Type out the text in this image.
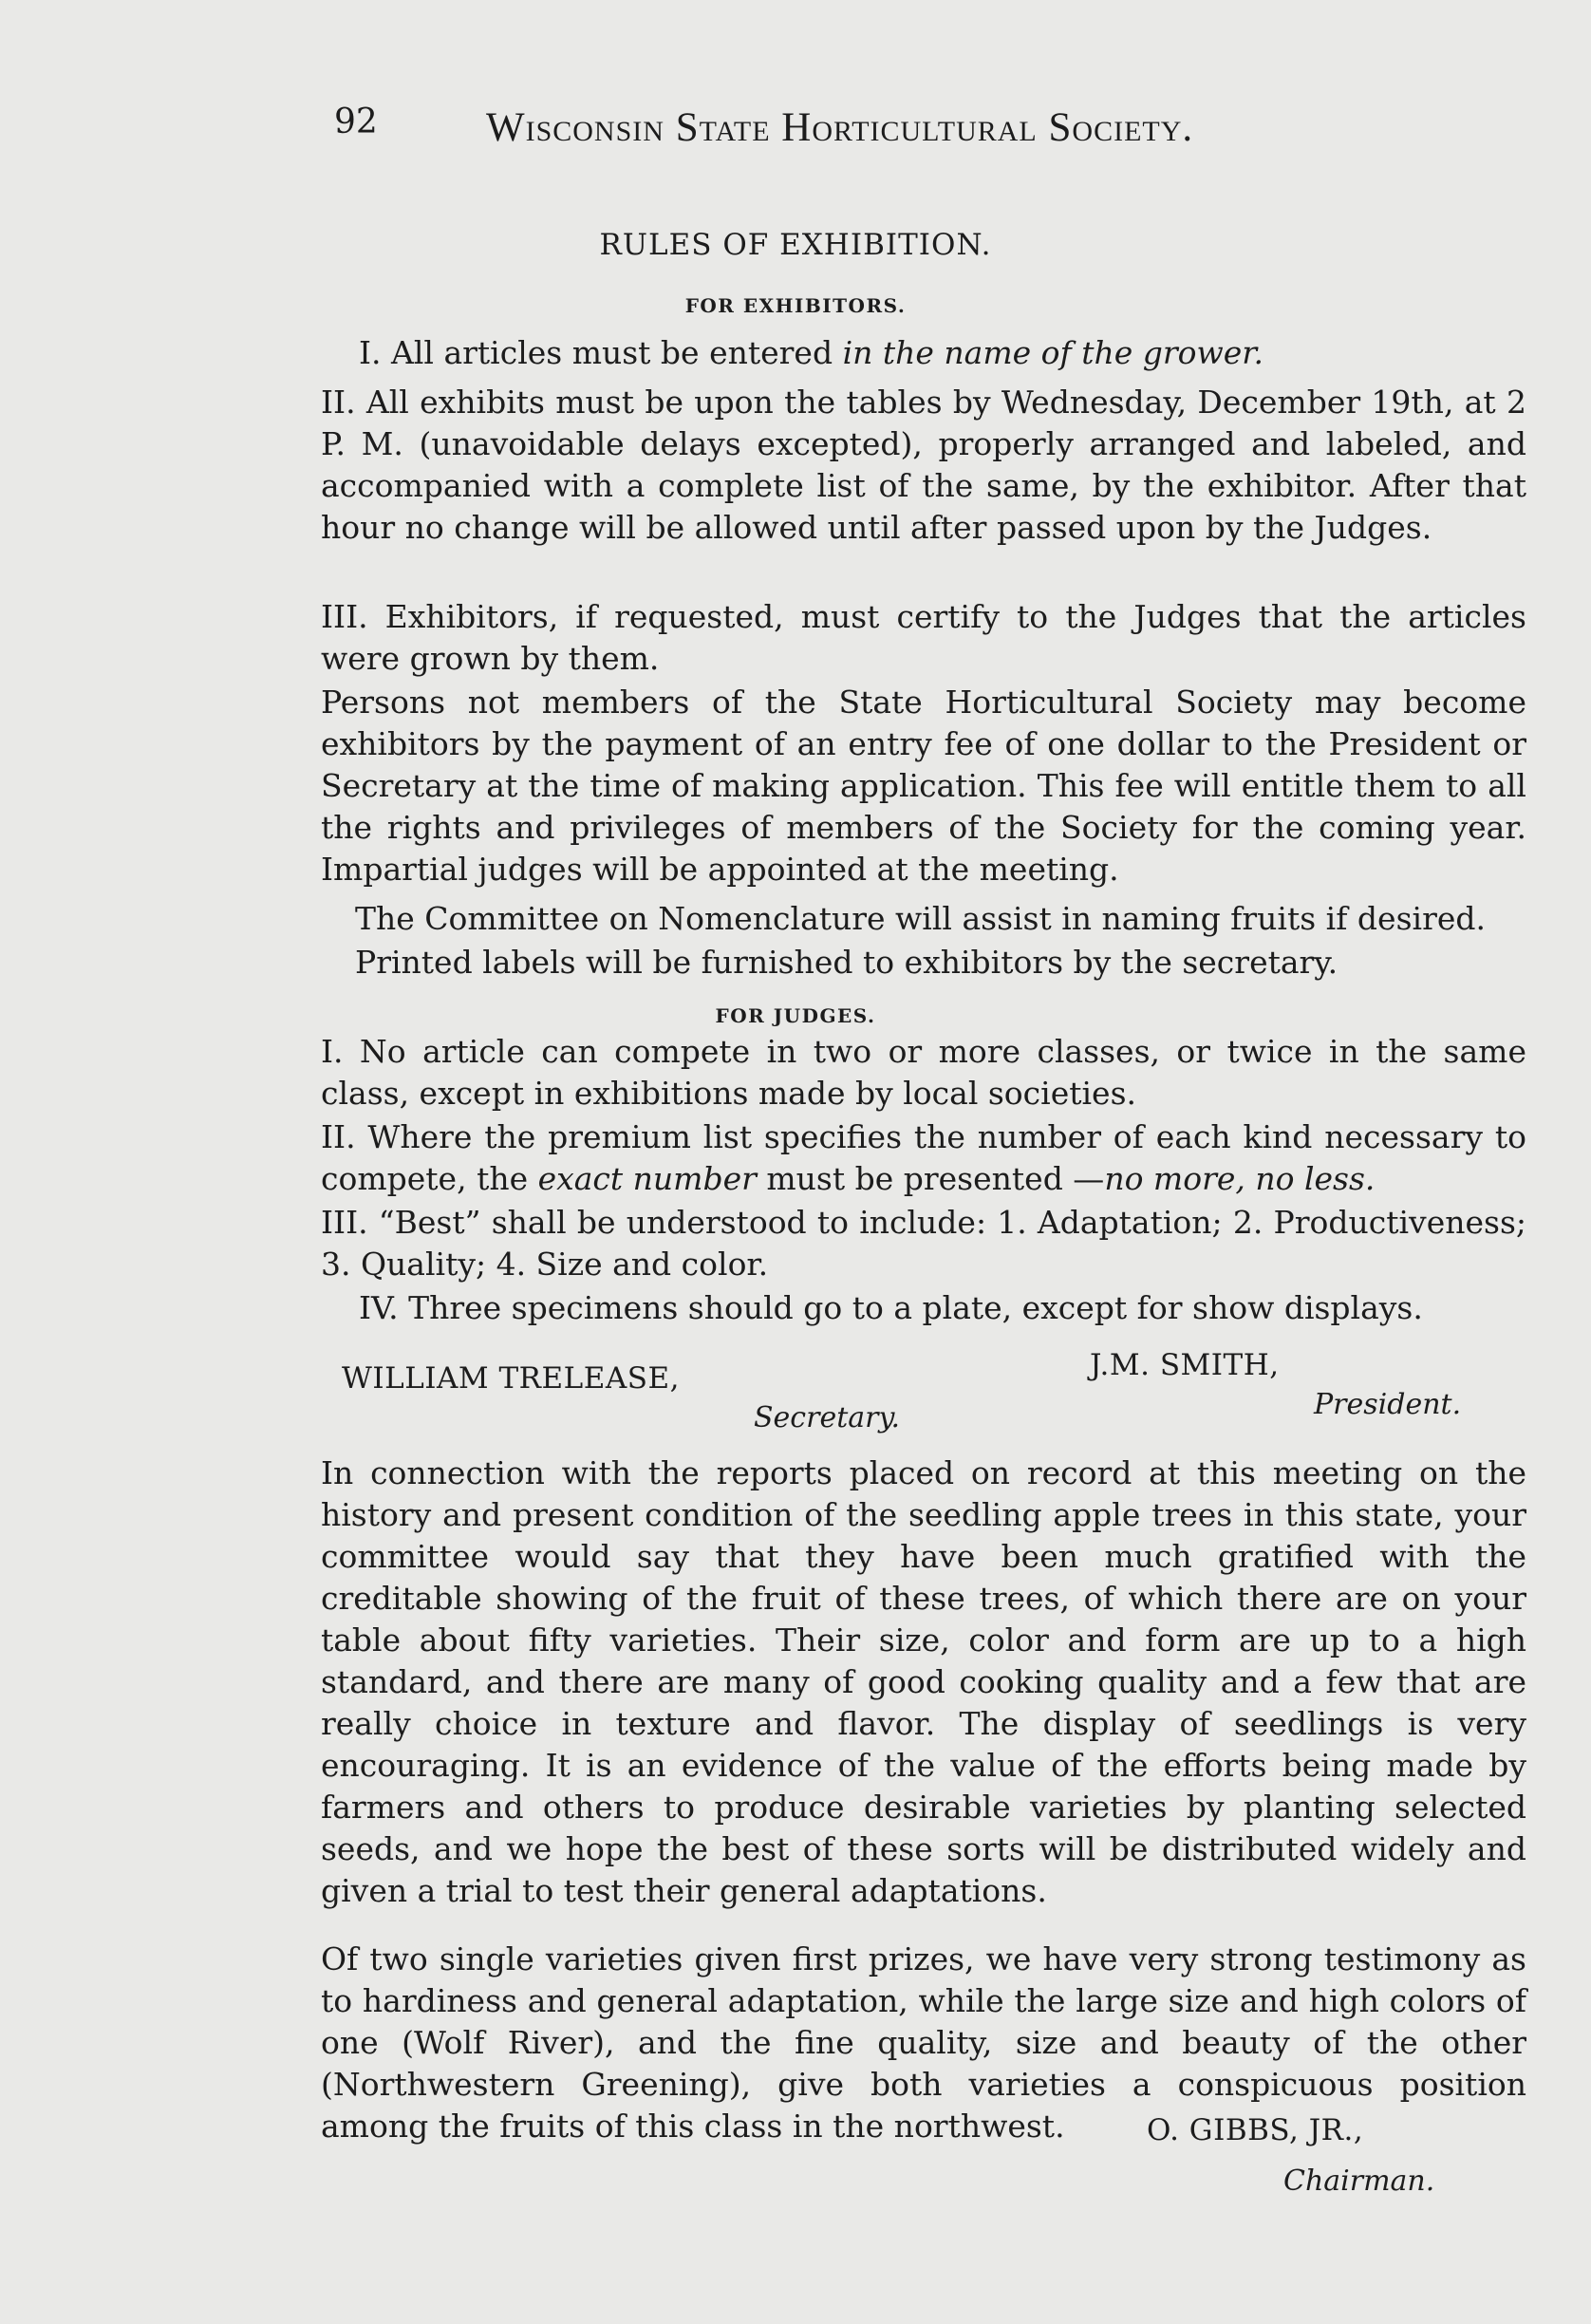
92	Wisconsin State Horticultural Society.
RULES OF EXHIBITION.
FOR EXHIBITORS.

I. All articles must be entered in the name of the grower.

II. All exhibits must be upon the tables by Wednesday, December 19th, at 2 P. M. (unavoidable delays excepted), properly arranged and labeled, and accompanied with a complete list of the same, by the exhibitor. After that hour no change will be allowed until after passed upon by the Judges.

III. Exhibitors, if requested, must certify to the Judges that the articles were grown by them.

Persons not members of the State Horticultural Society may become exhibitors by the payment of an entry fee of one dollar to the President or Secretary at the time of making application. This fee will entitle them to all the rights and privileges of members of the Society for the coming year. Impartial judges will be appointed at the meeting.

The Committee on Nomenclature will assist in naming fruits if desired.

Printed labels will be furnished to exhibitors by the secretary.

FOR JUDGES.

I. No article can compete in two or more classes, or twice in the same class, except in exhibitions made by local societies.

II. Where the premium list specifies the number of each kind necessary to compete, the exact number must be presented —no more, no less.

III. “Best” shall be understood to include: 1. Adaptation; 2. Productiveness; 3. Quality; 4. Size and color.

IV. Three specimens should go to a plate, except for show displays.

WILLIAM TRELEASE,
Secretary.
J.M. SMITH,
President.

In connection with the reports placed on record at this meeting on the history and present condition of the seedling apple trees in this state, your committee would say that they have been much gratified with the creditable showing of the fruit of these trees, of which there are on your table about fifty varieties. Their size, color and form are up to a high standard, and there are many of good cooking quality and a few that are really choice in texture and flavor. The display of seedlings is very encouraging. It is an evidence of the value of the efforts being made by farmers and others to produce desirable varieties by planting selected seeds, and we hope the best of these sorts will be distributed widely and given a trial to test their general adaptations.

Of two single varieties given first prizes, we have very strong testimony as to hardiness and general adaptation, while the large size and high colors of one (Wolf River), and the fine quality, size and beauty of the other (Northwestern Greening), give both varieties a conspicuous position among the fruits of this class in the northwest.	O. GIBBS, JR.,
Chairman.
